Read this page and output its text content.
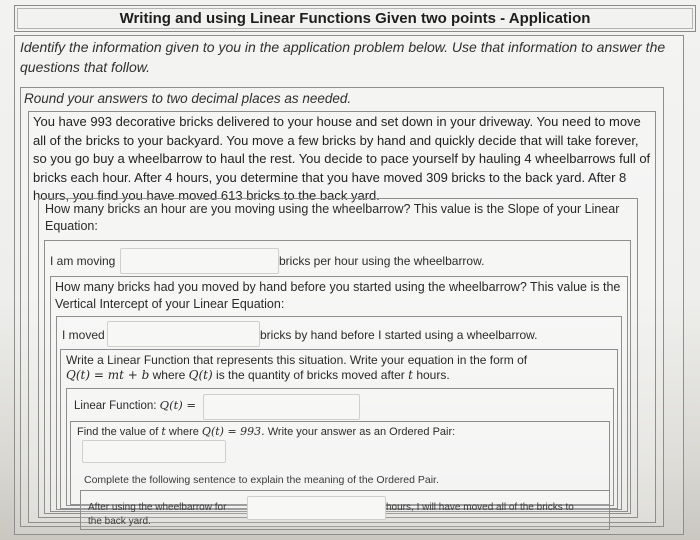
Writing and using Linear Functions Given two points - Application
Identify the information given to you in the application problem below. Use that information to answer the questions that follow.
Round your answers to two decimal places as needed.
You have 993 decorative bricks delivered to your house and set down in your driveway. You need to move all of the bricks to your backyard. You move a few bricks by hand and quickly decide that will take forever, so you go buy a wheelbarrow to haul the rest. You decide to pace yourself by hauling 4 wheelbarrows full of bricks each hour. After 4 hours, you determine that you have moved 309 bricks to the back yard. After 8 hours, you find you have moved 613 bricks to the back yard.
How many bricks an hour are you moving using the wheelbarrow? This value is the Slope of your Linear Equation:
I am moving	bricks per hour using the wheelbarrow.
How many bricks had you moved by hand before you started using the wheelbarrow? This value is the Vertical Intercept of your Linear Equation:
I moved	bricks by hand before I started using a wheelbarrow.
Write a Linear Function that represents this situation. Write your equation in the form of
Q(t) = mt + b where Q(t) is the quantity of bricks moved after t hours.
Linear Function: Q(t) =
Find the value of t where Q(t) = 993. Write your answer as an Ordered Pair:
Complete the following sentence to explain the meaning of the Ordered Pair.
After using the wheelbarrow for	hours, I will have moved all of the bricks to
the back yard.
